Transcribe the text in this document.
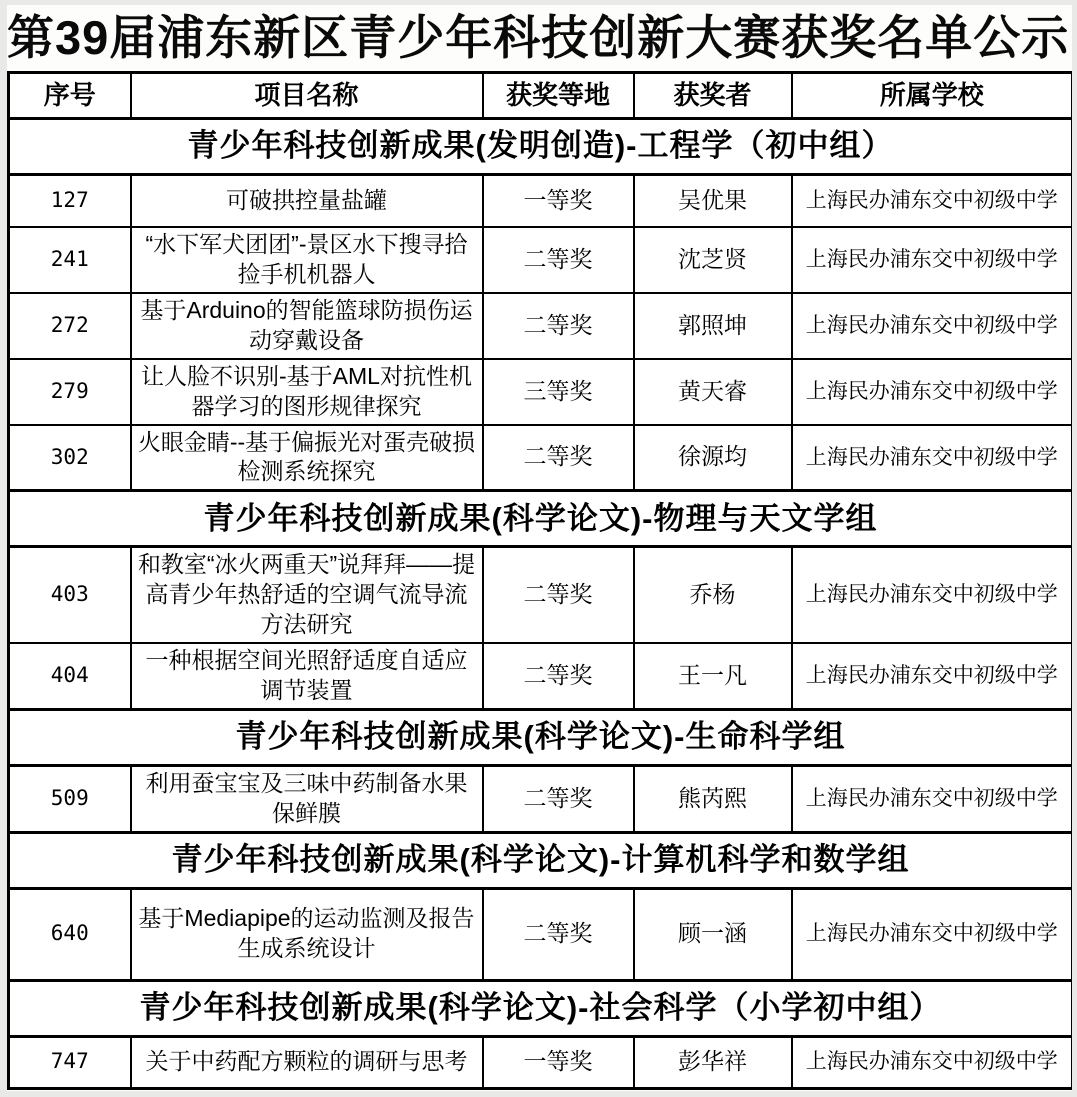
第39届浦东新区青少年科技创新大赛获奖名单公示
序号	项目名称	获奖等地	获奖者	所属学校
青少年科技创新成果(发明创造)-工程学（初中组）				
127	可破拱控量盐罐	一等奖	吴优果	上海民办浦东交中初级中学
241	“水下军犬团团”-景区水下搜寻拾捡手机机器人	二等奖	沈芝贤	上海民办浦东交中初级中学
272	基于Arduino的智能篮球防损伤运动穿戴设备	二等奖	郭照坤	上海民办浦东交中初级中学
279	让人脸不识别-基于AML对抗性机器学习的图形规律探究	三等奖	黄天睿	上海民办浦东交中初级中学
302	火眼金睛--基于偏振光对蛋壳破损检测系统探究	二等奖	徐源均	上海民办浦东交中初级中学
青少年科技创新成果(科学论文)-物理与天文学组				
403	和教室“冰火两重天”说拜拜——提高青少年热舒适的空调气流导流方法研究	二等奖	乔杨	上海民办浦东交中初级中学
404	一种根据空间光照舒适度自适应调节装置	二等奖	王一凡	上海民办浦东交中初级中学
青少年科技创新成果(科学论文)-生命科学组				
509	利用蚕宝宝及三味中药制备水果保鲜膜	二等奖	熊芮熙	上海民办浦东交中初级中学
青少年科技创新成果(科学论文)-计算机科学和数学组				
640	基于Mediapipe的运动监测及报告生成系统设计	二等奖	顾一涵	上海民办浦东交中初级中学
青少年科技创新成果(科学论文)-社会科学（小学初中组）				
747	关于中药配方颗粒的调研与思考	一等奖	彭华祥	上海民办浦东交中初级中学
